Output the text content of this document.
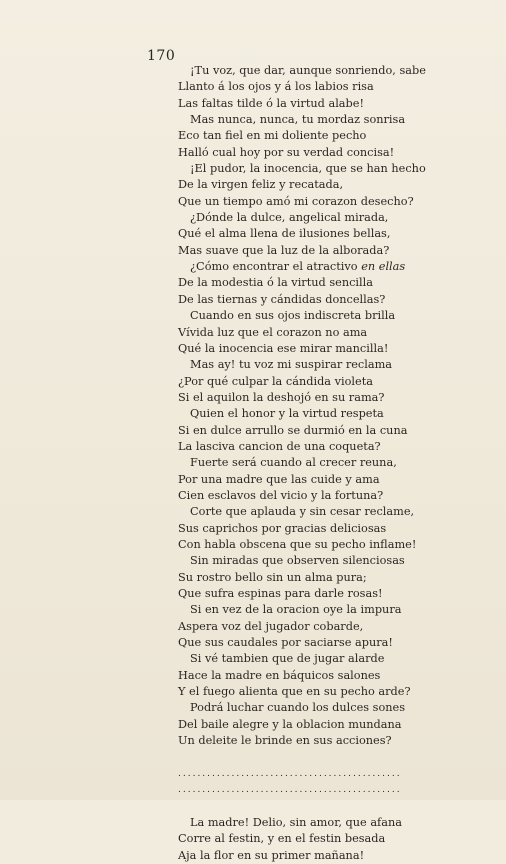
170
¡Tu voz, que dar, aunque sonriendo, sabe
Llanto á los ojos y á los labios risa
Las faltas tilde ó la virtud alabe!
Mas nunca, nunca, tu mordaz sonrisa
Eco tan fiel en mi doliente pecho
Halló cual hoy por su verdad concisa!
¡El pudor, la inocencia, que se han hecho
De la virgen feliz y recatada,
Que un tiempo amó mi corazon desecho?
¿Dónde la dulce, angelical mirada,
Qué el alma llena de ilusiones bellas,
Mas suave que la luz de la alborada?
¿Cómo encontrar el atractivo en ellas
De la modestia ó la virtud sencilla
De las tiernas y cándidas doncellas?
Cuando en sus ojos indiscreta brilla
Vívida luz que el corazon no ama
Qué la inocencia ese mirar mancilla!
Mas ay! tu voz mi suspirar reclama
¿Por qué culpar la cándida violeta
Si el aquilon la deshojó en su rama?
Quien el honor y la virtud respeta
Si en dulce arrullo se durmió en la cuna
La lasciva cancion de una coqueta?
Fuerte será cuando al crecer reuna,
Por una madre que las cuide y ama
Cien esclavos del vicio y la fortuna?
Corte que aplauda y sin cesar reclame,
Sus caprichos por gracias deliciosas
Con habla obscena que su pecho inflame!
Sin miradas que observen silenciosas
Su rostro bello sin un alma pura;
Que sufra espinas para darle rosas!
Si en vez de la oracion oye la impura
Aspera voz del jugador cobarde,
Que sus caudales por saciarse apura!
Si vé tambien que de jugar alarde
Hace la madre en báquicos salones
Y el fuego alienta que en su pecho arde?
Podrá luchar cuando los dulces sones
Del baile alegre y la oblacion mundana
Un deleite le brinde en sus acciones?
..............................................
..............................................
La madre! Delio, sin amor, que afana
Corre al festin, y en el festin besada
Aja la flor en su primer mañana!
